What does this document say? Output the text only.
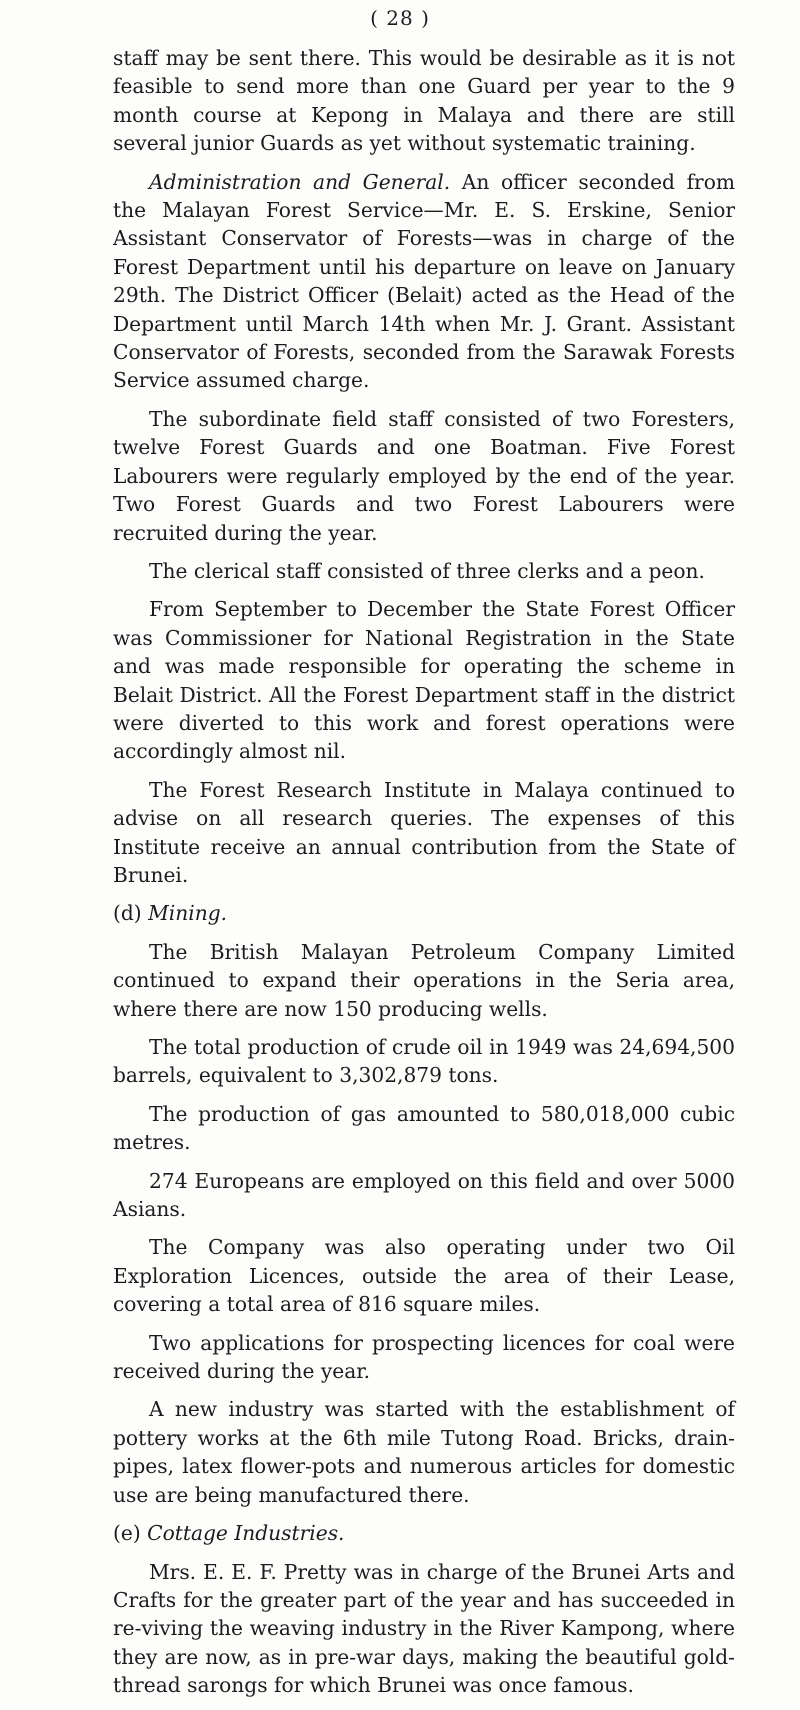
( 28 )

staff may be sent there. This would be desirable as it is not feasible to send more than one Guard per year to the 9 month course at Kepong in Malaya and there are still several junior Guards as yet without systematic training.

Administration and General. An officer seconded from the Malayan Forest Service—Mr. E. S. Erskine, Senior Assistant Conservator of Forests—was in charge of the Forest Department until his departure on leave on January 29th. The District Officer (Belait) acted as the Head of the Department until March 14th when Mr. J. Grant. Assistant Conservator of Forests, seconded from the Sarawak Forests Service assumed charge.

The subordinate field staff consisted of two Foresters, twelve Forest Guards and one Boatman. Five Forest Labourers were regularly employed by the end of the year. Two Forest Guards and two Forest Labourers were recruited during the year.

The clerical staff consisted of three clerks and a peon.

From September to December the State Forest Officer was Commissioner for National Registration in the State and was made responsible for operating the scheme in Belait District. All the Forest Department staff in the district were diverted to this work and forest operations were accordingly almost nil.

The Forest Research Institute in Malaya continued to advise on all research queries. The expenses of this Institute receive an annual contribution from the State of Brunei.

(d) Mining.

The British Malayan Petroleum Company Limited continued to expand their operations in the Seria area, where there are now 150 producing wells.

The total production of crude oil in 1949 was 24,694,500 barrels, equivalent to 3,302,879 tons.

The production of gas amounted to 580,018,000 cubic metres.

274 Europeans are employed on this field and over 5000 Asians.

The Company was also operating under two Oil Exploration Licences, outside the area of their Lease, covering a total area of 816 square miles.

Two applications for prospecting licences for coal were received during the year.

A new industry was started with the establishment of pottery works at the 6th mile Tutong Road. Bricks, drain-pipes, latex flower-pots and numerous articles for domestic use are being manufactured there.

(e) Cottage Industries.

Mrs. E. E. F. Pretty was in charge of the Brunei Arts and Crafts for the greater part of the year and has succeeded in re-viving the weaving industry in the River Kampong, where they are now, as in pre-war days, making the beautiful gold-thread sarongs for which Brunei was once famous.
